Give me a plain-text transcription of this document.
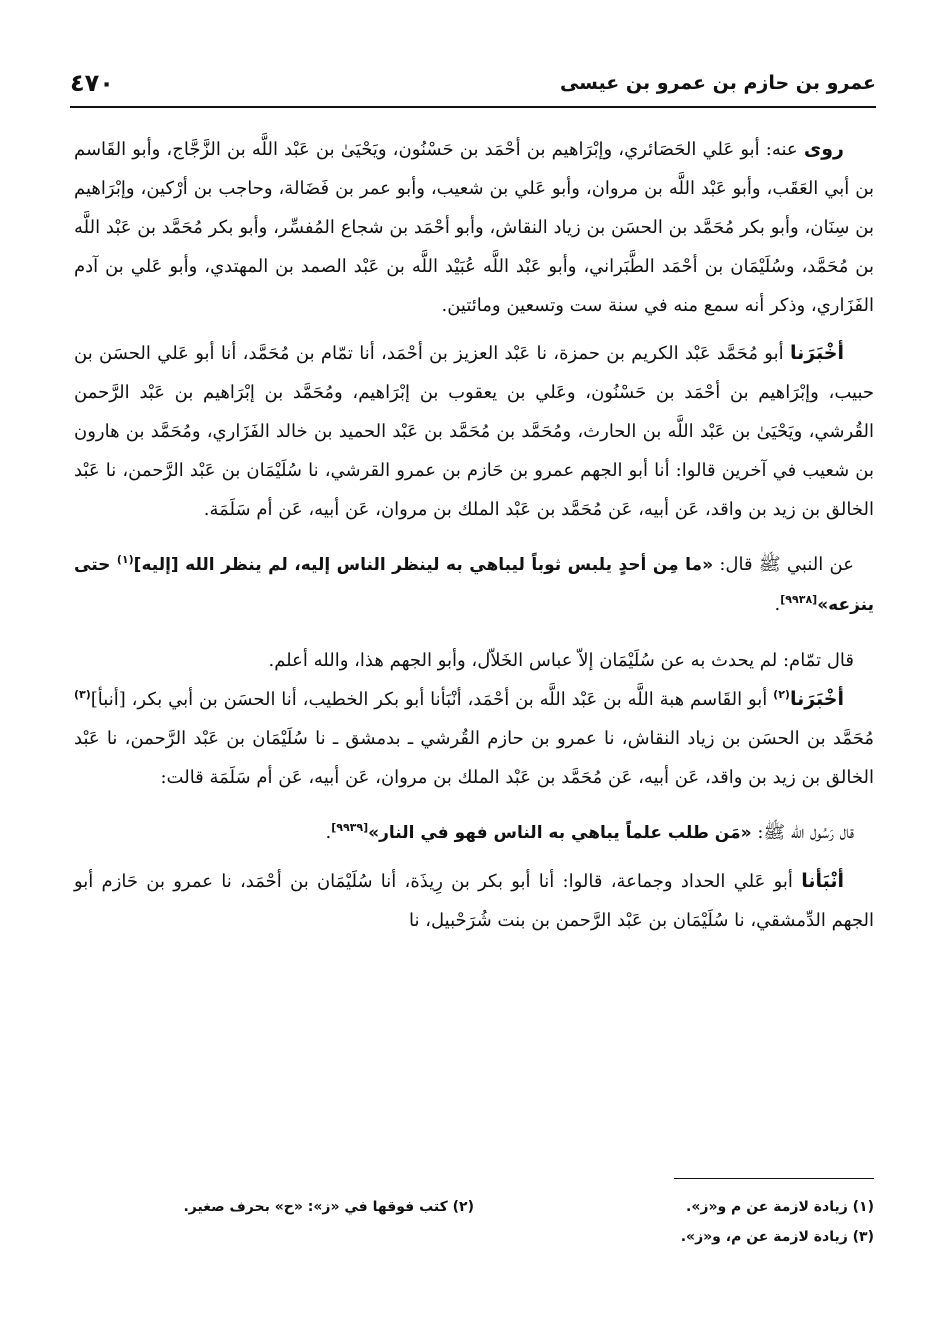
٤٧٠	عمرو بن حازم بن عمرو بن عيسى

روى عنه: أبو عَلي الحَصَائري، وإبْرَاهيم بن أحْمَد بن حَسْنُون، ويَحْيَىٰ بن عَبْد اللَّه بن الزَّجَّاج، وأبو القَاسم بن أبي العَقَب، وأبو عَبْد اللَّه بن مروان، وأبو عَلي بن شعيب، وأبو عمر بن فَضَالة، وحاجب بن أرْكين، وإبْرَاهيم بن سِنَان، وأبو بكر مُحَمَّد بن الحسَن بن زياد النقاش، وأبو أحْمَد بن شجاع المُفسِّر، وأبو بكر مُحَمَّد بن عَبْد اللَّه بن مُحَمَّد، وسُلَيْمَان بن أحْمَد الطَّبَراني، وأبو عَبْد اللَّه عُبَيْد اللَّه بن عَبْد الصمد بن المهتدي، وأبو عَلي بن آدم الفَزَاري، وذكر أنه سمع منه في سنة ست وتسعين ومائتين.

أخْبَرَنا أبو مُحَمَّد عَبْد الكريم بن حمزة، نا عَبْد العزيز بن أحْمَد، أنا تمّام بن مُحَمَّد، أنا أبو عَلي الحسَن بن حبيب، وإبْرَاهيم بن أحْمَد بن حَسْنُون، وعَلي بن يعقوب بن إبْرَاهيم، ومُحَمَّد بن إبْرَاهيم بن عَبْد الرَّحمن القُرشي، ويَحْيَىٰ بن عَبْد اللَّه بن الحارث، ومُحَمَّد بن مُحَمَّد بن عَبْد الحميد بن خالد الفَزَاري، ومُحَمَّد بن هارون بن شعيب في آخرين قالوا: أنا أبو الجهم عمرو بن حَازم بن عمرو القرشي، نا سُلَيْمَان بن عَبْد الرَّحمن، نا عَبْد الخالق بن زيد بن واقد، عَن أبيه، عَن مُحَمَّد بن عَبْد الملك بن مروان، عَن أبيه، عَن أم سَلَمَة.

عن النبي ﷺ قال: «ما مِن أحدٍ يلبس ثوباً ليباهي به لينظر الناس إليه، لم ينظر الله [إليه]$^{(١)}$ حتى ينزعه»[٩٩٣٨].

قال تمّام: لم يحدث به عن سُلَيْمَان إلاّ عباس الخَلاّل، وأبو الجهم هذا، والله أعلم.

أخْبَرَنا$^{(٢)}$ أبو القَاسم هبة اللَّه بن عَبْد اللَّه بن أحْمَد، أنْبَأنا أبو بكر الخطيب، أنا الحسَن بن أبي بكر، [أنبأ]$^{(٣)}$ مُحَمَّد بن الحسَن بن زياد النقاش، نا عمرو بن حازم القُرشي ـ بدمشق ـ نا سُلَيْمَان بن عَبْد الرَّحمن، نا عَبْد الخالق بن زيد بن واقد، عَن أبيه، عَن مُحَمَّد بن عَبْد الملك بن مروان، عَن أبيه، عَن أم سَلَمَة قالت:

قال رَسُول الله ﷺ: «مَن طلب علماً يباهي به الناس فهو في النار»[٩٩٣٩].

أنْبَأنا أبو عَلي الحداد وجماعة، قالوا: أنا أبو بكر بن رِيذَة، أنا سُلَيْمَان بن أحْمَد، نا عمرو بن حَازم أبو الجهم الدِّمشقي، نا سُلَيْمَان بن عَبْد الرَّحمن بن بنت شُرَحْبيل، نا

(١) زيادة لازمة عن م و«ز».
(٢) كتب فوقها في «ز»: «ح» بحرف صغير.
(٣) زيادة لازمة عن م، و«ز».
